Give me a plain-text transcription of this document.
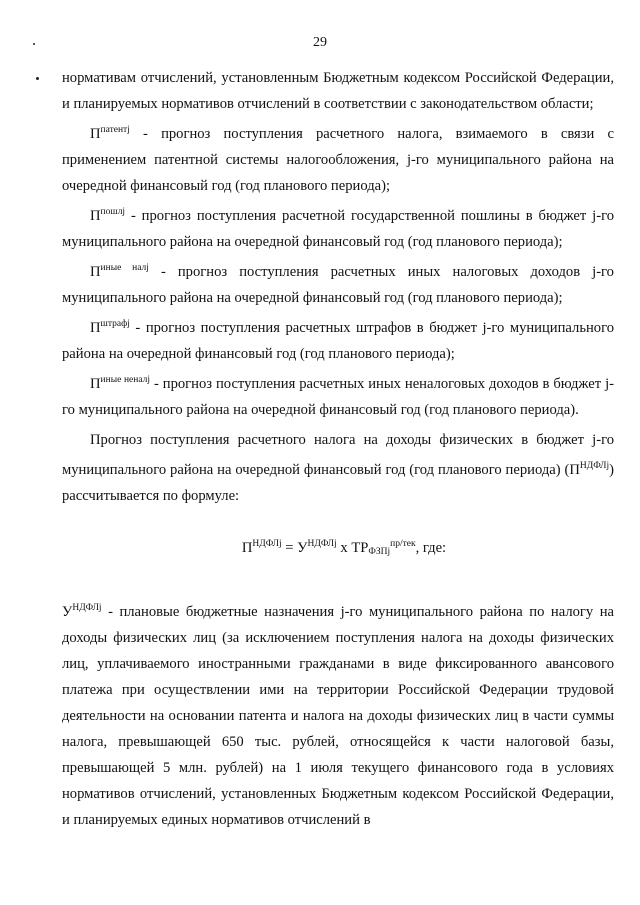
29

нормативам отчислений, установленным Бюджетным кодексом Российской Федерации, и планируемых нормативов отчислений в соответствии с законодательством области;

$П^{патентj}$ - прогноз поступления расчетного налога, взимаемого в связи с применением патентной системы налогообложения, j-го муниципального района на очередной финансовый год (год планового периода);

$П^{пошлj}$ - прогноз поступления расчетной государственной пошлины в бюджет j-го муниципального района на очередной финансовый год (год планового периода);

$П^{иные налj}$ - прогноз поступления расчетных иных налоговых доходов j-го муниципального района на очередной финансовый год (год планового периода);

$П^{штрафj}$ - прогноз поступления расчетных штрафов в бюджет j-го муниципального района на очередной финансовый год (год планового периода);

$П^{иные неналj}$ - прогноз поступления расчетных иных неналоговых доходов в бюджет j-го муниципального района на очередной финансовый год (год планового периода).

Прогноз поступления расчетного налога на доходы физических в бюджет j-го муниципального района на очередной финансовый год (год планового периода) $(П^{НДФЛj})$ рассчитывается по формуле:

$П^{НДФЛj} = У^{НДФЛj}$ х $ТР_{ФЗПj}^{пр/тек}$, где:

$У^{НДФЛj}$ - плановые бюджетные назначения j-го муниципального района по налогу на доходы физических лиц (за исключением поступления налога на доходы физических лиц, уплачиваемого иностранными гражданами в виде фиксированного авансового платежа при осуществлении ими на территории Российской Федерации трудовой деятельности на основании патента и налога на доходы физических лиц в части суммы налога, превышающей 650 тыс. рублей, относящейся к части налоговой базы, превышающей 5 млн. рублей) на 1 июля текущего финансового года в условиях нормативов отчислений, установленных Бюджетным кодексом Российской Федерации, и планируемых единых нормативов отчислений в
